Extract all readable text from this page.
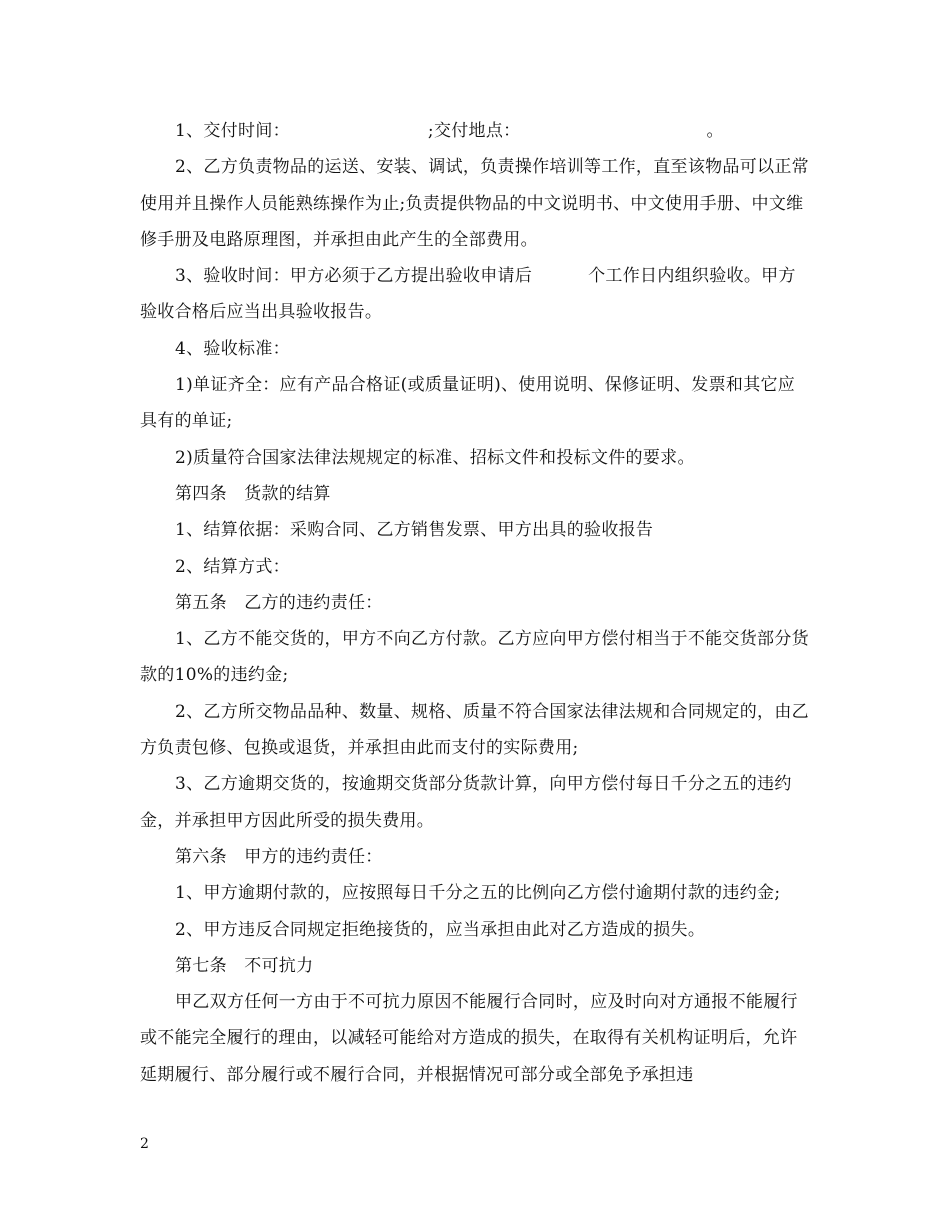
1、交付时间：	;交付地点：	。

2、乙方负责物品的运送、安装、调试，负责操作培训等工作，直至该物品可以正常使用并且操作人员能熟练操作为止;负责提供物品的中文说明书、中文使用手册、中文维修手册及电路原理图，并承担由此产生的全部费用。

3、验收时间：甲方必须于乙方提出验收申请后	个工作日内组织验收。甲方验收合格后应当出具验收报告。

4、验收标准：

1)单证齐全：应有产品合格证(或质量证明)、使用说明、保修证明、发票和其它应具有的单证;

2)质量符合国家法律法规规定的标准、招标文件和投标文件的要求。

第四条　货款的结算

1、结算依据：采购合同、乙方销售发票、甲方出具的验收报告

2、结算方式：

第五条　乙方的违约责任：

1、乙方不能交货的，甲方不向乙方付款。乙方应向甲方偿付相当于不能交货部分货款的10%的违约金;

2、乙方所交物品品种、数量、规格、质量不符合国家法律法规和合同规定的，由乙方负责包修、包换或退货，并承担由此而支付的实际费用;

3、乙方逾期交货的，按逾期交货部分货款计算，向甲方偿付每日千分之五的违约金，并承担甲方因此所受的损失费用。

第六条　甲方的违约责任：

1、甲方逾期付款的，应按照每日千分之五的比例向乙方偿付逾期付款的违约金;

2、甲方违反合同规定拒绝接货的，应当承担由此对乙方造成的损失。

第七条　不可抗力

甲乙双方任何一方由于不可抗力原因不能履行合同时，应及时向对方通报不能履行或不能完全履行的理由，以减轻可能给对方造成的损失，在取得有关机构证明后，允许延期履行、部分履行或不履行合同，并根据情况可部分或全部免予承担违

2
